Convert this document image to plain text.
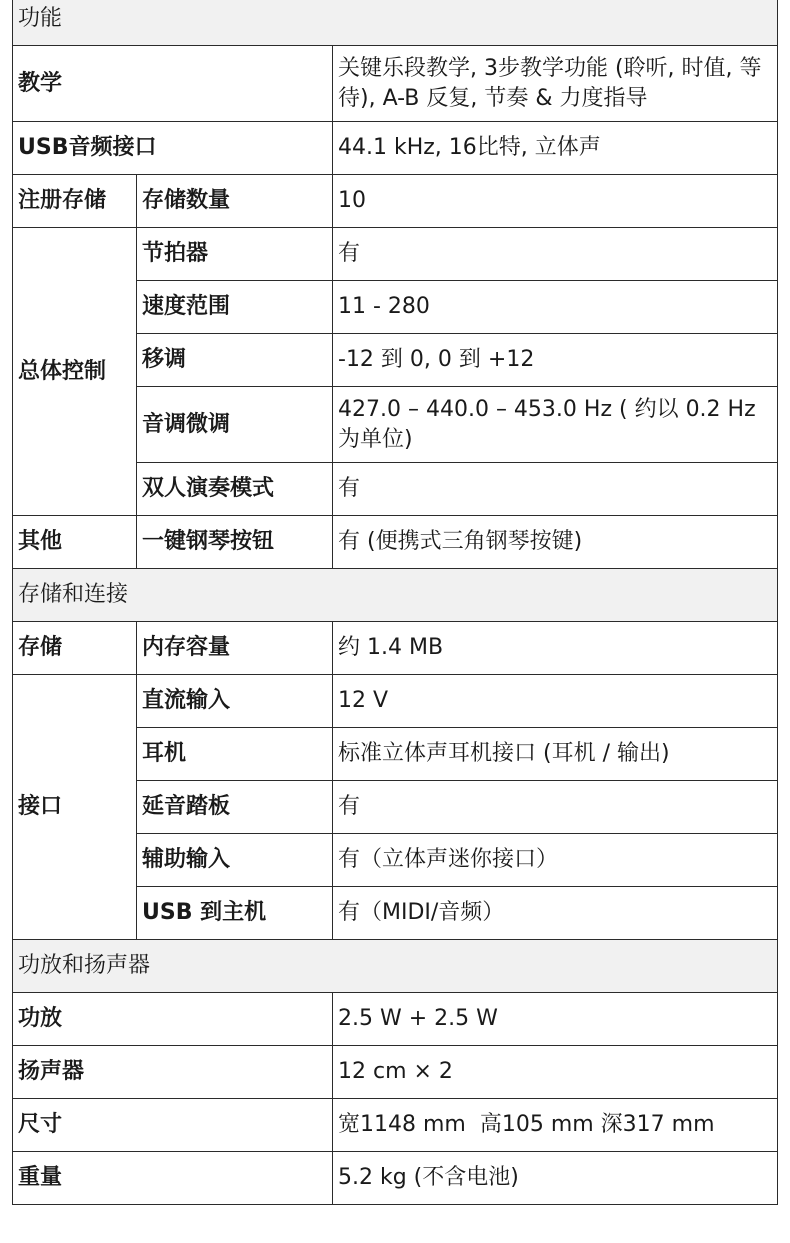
功能		
教学		关键乐段教学, 3步教学功能 (聆听, 时值, 等待), A-B 反复, 节奏 & 力度指导
USB音频接口		44.1 kHz, 16比特, 立体声
注册存储	存储数量	10
总体控制	节拍器	有
	速度范围	11 - 280
	移调	-12 到 0, 0 到 +12
	音调微调	427.0 – 440.0 – 453.0 Hz ( 约以 0.2 Hz 为单位)
	双人演奏模式	有
其他	一键钢琴按钮	有 (便携式三角钢琴按键)
存储和连接		
存储	内存容量	约 1.4 MB
接口	直流输入	12 V
	耳机	标准立体声耳机接口 (耳机 / 输出)
	延音踏板	有
	辅助输入	有（立体声迷你接口）
	USB 到主机	有（MIDI/音频）
功放和扬声器		
功放		2.5 W + 2.5 W
扬声器		12 cm × 2
尺寸		宽1148 mm  高105 mm 深317 mm
重量		5.2 kg (不含电池)
